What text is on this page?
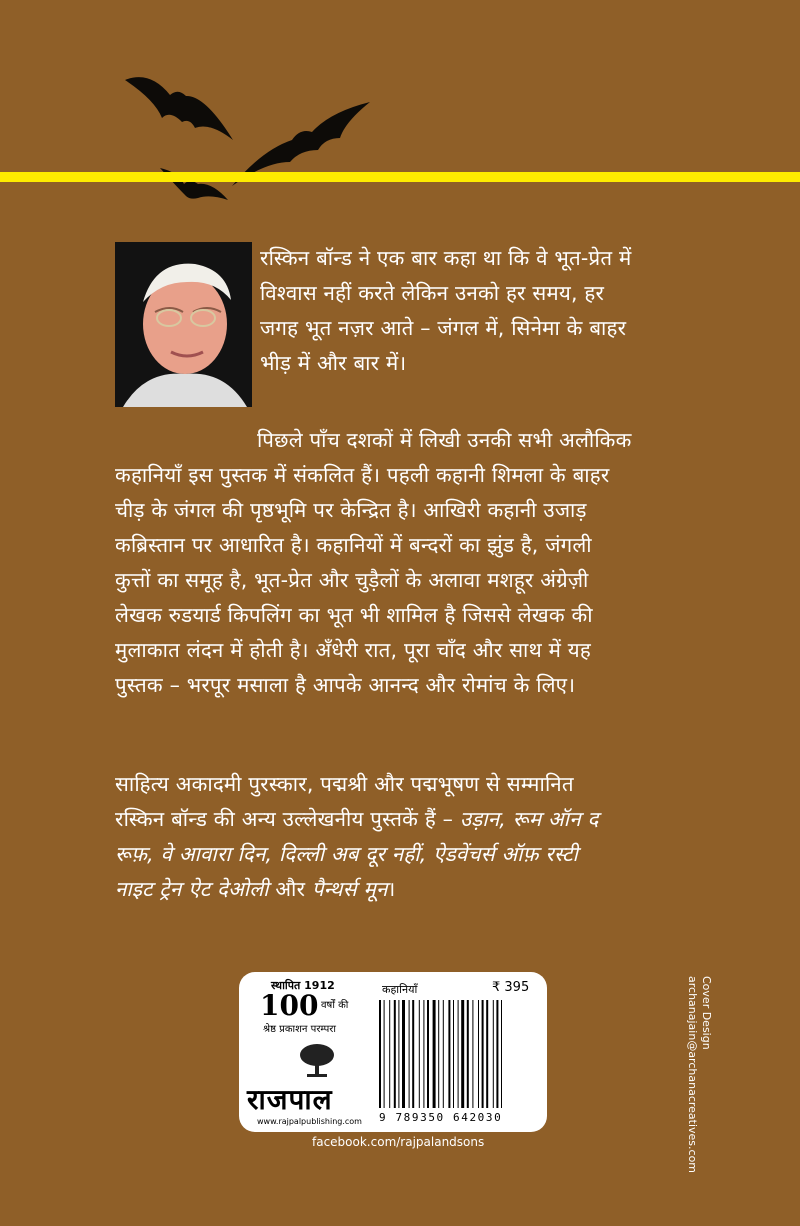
रस्किन बॉन्ड ने एक बार कहा था कि वे भूत-प्रेत में
विश्वास नहीं करते लेकिन उनको हर समय, हर
जगह भूत नज़र आते – जंगल में, सिनेमा के बाहर
भीड़ में और बार में।
पिछले पाँच दशकों में लिखी उनकी सभी अलौकिक
कहानियाँ इस पुस्तक में संकलित हैं। पहली कहानी शिमला के बाहर
चीड़ के जंगल की पृष्ठभूमि पर केन्द्रित है। आखिरी कहानी उजाड़
कब्रिस्तान पर आधारित है। कहानियों में बन्दरों का झुंड है, जंगली
कुत्तों का समूह है, भूत-प्रेत और चुड़ैलों के अलावा मशहूर अंग्रेज़ी
लेखक रुडयार्ड किपलिंग का भूत भी शामिल है जिससे लेखक की
मुलाकात लंदन में होती है। अँधेरी रात, पूरा चाँद और साथ में यह
पुस्तक – भरपूर मसाला है आपके आनन्द और रोमांच के लिए।
साहित्य अकादमी पुरस्कार, पद्मश्री और पद्मभूषण से सम्मानित
रस्किन बॉन्ड की अन्य उल्लेखनीय पुस्तकें हैं – उड़ान, रूम ऑन द
रूफ़, वे आवारा दिन, दिल्ली अब दूर नहीं, ऐडवेंचर्स ऑफ़ रस्टी
नाइट ट्रेन ऐट देओली और पैन्थर्स मून।
स्थापित 1912
100 वर्षों की
श्रेष्ठ प्रकाशन परम्परा
राजपाल
www.rajpalpublishing.com
कहानियाँ	₹ 395
9 789350 642030 Fiction / Short Stories
facebook.com/rajpalandsons
Cover Design
archanajain@archanacreatives.com
